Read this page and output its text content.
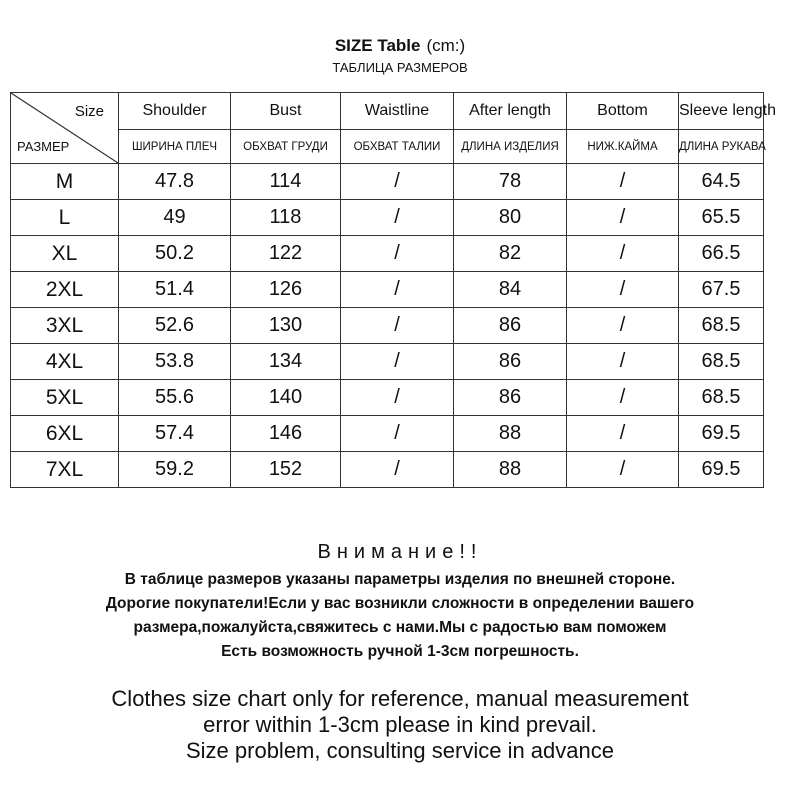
SIZE Table (cm:)
ТАБЛИЦА РАЗМЕРОВ
Size
РАЗМЕР	Shoulder	Bust	Waistline	After length	Bottom	Sleeve length
	ШИРИНА ПЛЕЧ	ОБХВАТ ГРУДИ	ОБХВАТ ТАЛИИ	ДЛИНА ИЗДЕЛИЯ	НИЖ.КАЙМА	ДЛИНА РУКАВА
M	47.8	114	/	78	/	64.5
L	49	118	/	80	/	65.5
XL	50.2	122	/	82	/	66.5
2XL	51.4	126	/	84	/	67.5
3XL	52.6	130	/	86	/	68.5
4XL	53.8	134	/	86	/	68.5
5XL	55.6	140	/	86	/	68.5
6XL	57.4	146	/	88	/	69.5
7XL	59.2	152	/	88	/	69.5
Внимание!!
В таблице размеров указаны параметры изделия по внешней стороне.
Дорогие покупатели!Если у вас возникли сложности в определении вашего
размера,пожалуйста,свяжитесь с нами.Мы с радостью вам поможем
Есть возможность ручной 1-3см погрешность.
Clothes size chart only for reference, manual measurement
error within 1-3cm please in kind prevail.
Size problem, consulting service in advance
